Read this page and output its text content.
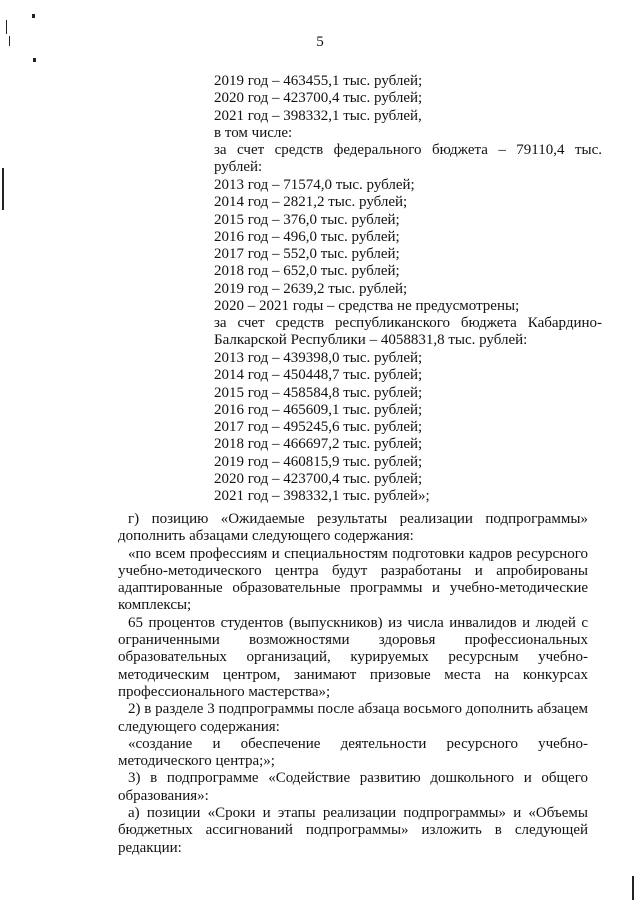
5
2019 год – 463455,1 тыс. рублей;
2020 год – 423700,4 тыс. рублей;
2021 год – 398332,1 тыс. рублей,
в том числе:
за счет средств федерального бюджета – 79110,4 тыс. рублей:
2013 год – 71574,0 тыс. рублей;
2014 год – 2821,2 тыс. рублей;
2015 год – 376,0 тыс. рублей;
2016 год – 496,0 тыс. рублей;
2017 год – 552,0 тыс. рублей;
2018 год – 652,0 тыс. рублей;
2019 год – 2639,2 тыс. рублей;
2020 – 2021 годы – средства не предусмотрены;
за счет средств республиканского бюджета Кабардино-Балкарской Республики – 4058831,8 тыс. рублей:
2013 год – 439398,0 тыс. рублей;
2014 год – 450448,7 тыс. рублей;
2015 год – 458584,8 тыс. рублей;
2016 год – 465609,1 тыс. рублей;
2017 год – 495245,6 тыс. рублей;
2018 год – 466697,2 тыс. рублей;
2019 год – 460815,9 тыс. рублей;
2020 год – 423700,4 тыс. рублей;
2021 год – 398332,1 тыс. рублей»;

г) позицию «Ожидаемые результаты реализации подпрограммы» дополнить абзацами следующего содержания:

«по всем профессиям и специальностям подготовки кадров ресурсного учебно-методического центра будут разработаны и апробированы адаптированные образовательные программы и учебно-методические комплексы;

65 процентов студентов (выпускников) из числа инвалидов и людей с ограниченными возможностями здоровья профессиональных образовательных организаций, курируемых ресурсным учебно-методическим центром, занимают призовые места на конкурсах профессионального мастерства»;

2) в разделе 3 подпрограммы после абзаца восьмого дополнить абзацем следующего содержания:

«создание и обеспечение деятельности ресурсного учебно-методического центра;»;

3) в подпрограмме «Содействие развитию дошкольного и общего образования»:

а) позиции «Сроки и этапы реализации подпрограммы» и «Объемы бюджетных ассигнований подпрограммы» изложить в следующей редакции:
